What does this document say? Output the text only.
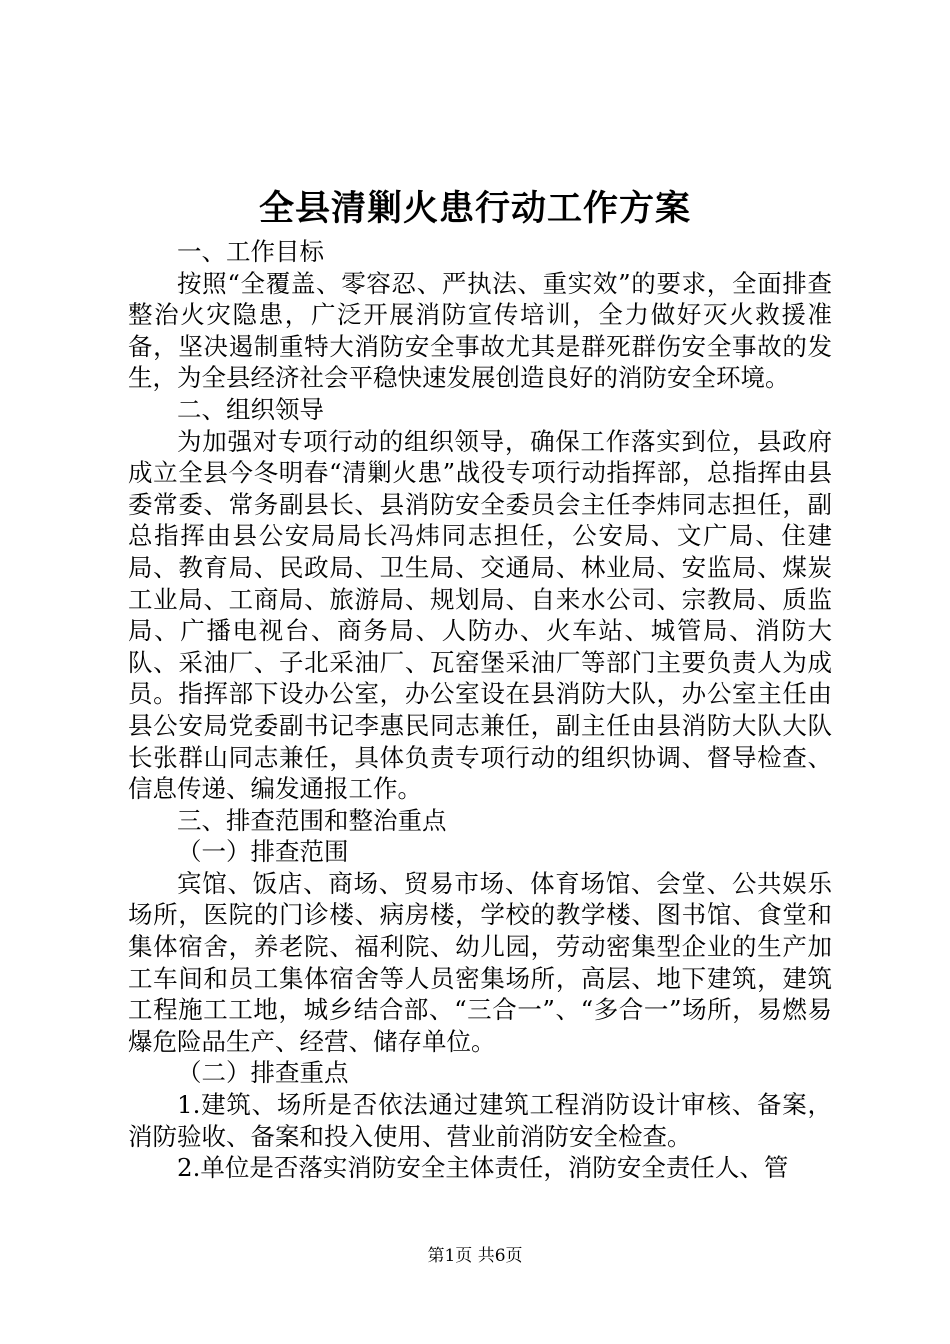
全县清剿火患行动工作方案

一、工作目标

按照“全覆盖、零容忍、严执法、重实效”的要求，全面排查整治火灾隐患，广泛开展消防宣传培训，全力做好灭火救援准备，坚决遏制重特大消防安全事故尤其是群死群伤安全事故的发生，为全县经济社会平稳快速发展创造良好的消防安全环境。

二、组织领导

为加强对专项行动的组织领导，确保工作落实到位，县政府成立全县今冬明春“清剿火患”战役专项行动指挥部，总指挥由县委常委、常务副县长、县消防安全委员会主任李炜同志担任，副总指挥由县公安局局长冯炜同志担任，公安局、文广局、住建局、教育局、民政局、卫生局、交通局、林业局、安监局、煤炭工业局、工商局、旅游局、规划局、自来水公司、宗教局、质监局、广播电视台、商务局、人防办、火车站、城管局、消防大队、采油厂、子北采油厂、瓦窑堡采油厂等部门主要负责人为成员。指挥部下设办公室，办公室设在县消防大队，办公室主任由县公安局党委副书记李惠民同志兼任，副主任由县消防大队大队长张群山同志兼任，具体负责专项行动的组织协调、督导检查、信息传递、编发通报工作。

三、排查范围和整治重点

（一）排查范围

宾馆、饭店、商场、贸易市场、体育场馆、会堂、公共娱乐场所，医院的门诊楼、病房楼，学校的教学楼、图书馆、食堂和集体宿舍，养老院、福利院、幼儿园，劳动密集型企业的生产加工车间和员工集体宿舍等人员密集场所，高层、地下建筑，建筑工程施工工地，城乡结合部、“三合一”、“多合一”场所，易燃易爆危险品生产、经营、储存单位。

（二）排查重点

1.建筑、场所是否依法通过建筑工程消防设计审核、备案，消防验收、备案和投入使用、营业前消防安全检查。

2.单位是否落实消防安全主体责任，消防安全责任人、管

第1页 共6页
